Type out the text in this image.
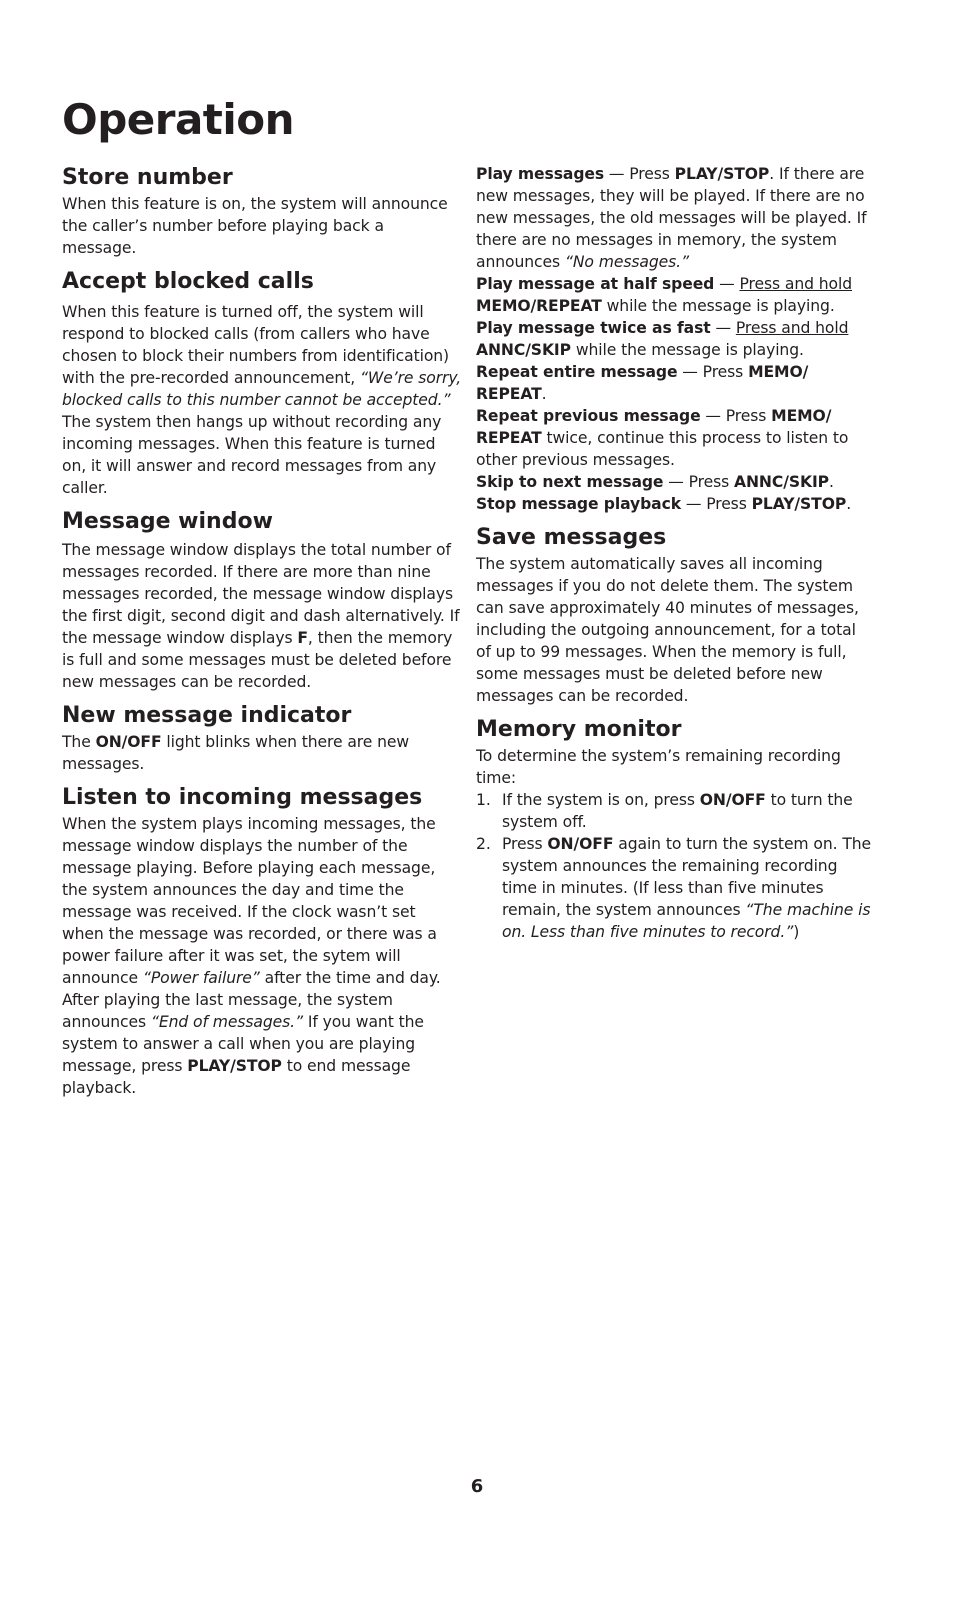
Operation
Store number

When this feature is on, the system will announce the caller’s number before playing back a message.

Accept blocked calls

When this feature is turned off, the system will respond to blocked calls (from callers who have chosen to block their numbers from identification) with the pre-recorded announcement, “We’re sorry, blocked calls to this number cannot be accepted.” The system then hangs up without recording any incoming messages. When this feature is turned on, it will answer and record messages from any caller.

Message window

The message window displays the total number of messages recorded. If there are more than nine messages recorded, the message window displays the first digit, second digit and dash alternatively. If the message window displays F, then the memory is full and some messages must be deleted before new messages can be recorded.

New message indicator

The ON/OFF light blinks when there are new messages.

Listen to incoming messages

When the system plays incoming messages, the message window displays the number of the message playing. Before playing each message, the system announces the day and time the message was received. If the clock wasn’t set when the message was recorded, or there was a power failure after it was set, the sytem will announce “Power failure” after the time and day. After playing the last message, the system announces “End of messages.” If you want the system to answer a call when you are playing message, press PLAY/STOP to end message playback.

Play messages — Press PLAY/STOP. If there are new messages, they will be played. If there are no new messages, the old messages will be played. If there are no messages in memory, the system announces “No messages.”

Play message at half speed — Press and hold
MEMO/REPEAT while the message is playing.

Play message twice as fast — Press and hold
ANNC/SKIP while the message is playing.

Repeat entire message — Press MEMO/ REPEAT.

Repeat previous message — Press MEMO/ REPEAT twice, continue this process to listen to other previous messages.

Skip to next message — Press ANNC/SKIP.

Stop message playback — Press PLAY/STOP.

Save messages

The system automatically saves all incoming messages if you do not delete them. The system can save approximately 40 minutes of messages, including the outgoing announcement, for a total of up to 99 messages. When the memory is full, some messages must be deleted before new messages can be recorded.

Memory monitor

To determine the system’s remaining recording time:

1. If the system is on, press ON/OFF to turn the system off.
2. Press ON/OFF again to turn the system on. The system announces the remaining recording time in minutes. (If less than five minutes remain, the system announces “The machine is on. Less than five minutes to record.”)
6
